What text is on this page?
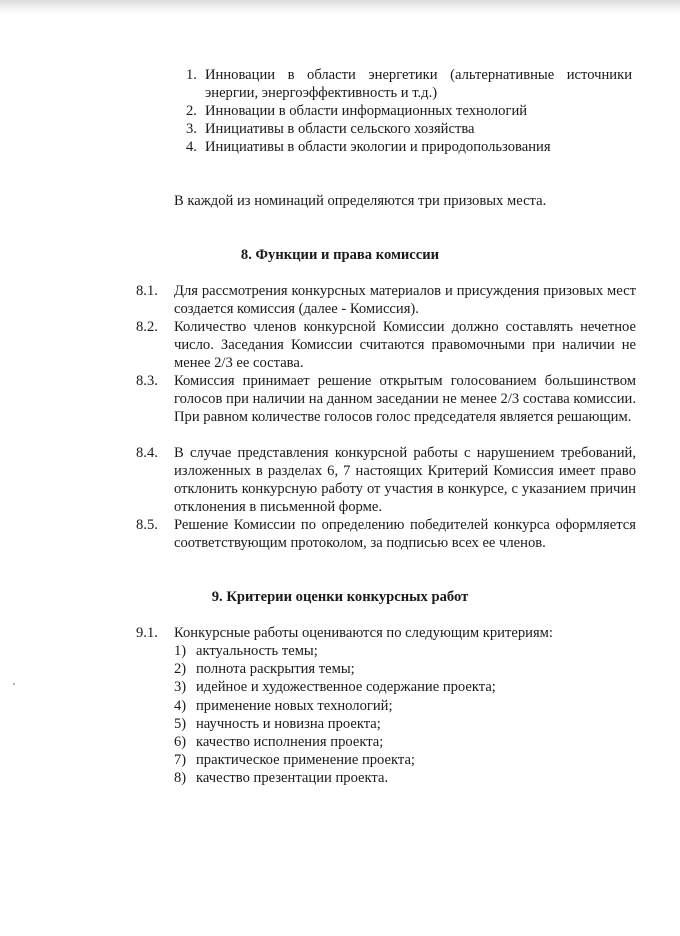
1. Инновации в области энергетики (альтернативные источники энергии, энергоэффективность и т.д.)
2. Инновации в области информационных технологий
3. Инициативы в области сельского хозяйства
4. Инициативы в области экологии и природопользования
В каждой из номинаций определяются три призовых места.
8. Функции и права комиссии
8.1. Для рассмотрения конкурсных материалов и присуждения призовых мест создается комиссия (далее - Комиссия).
8.2. Количество членов конкурсной Комиссии должно составлять нечетное число. Заседания Комиссии считаются правомочными при наличии не менее 2/3 ее состава.
8.3. Комиссия принимает решение открытым голосованием большинством голосов при наличии на данном заседании не менее 2/3 состава комиссии. При равном количестве голосов голос председателя является решающим.
8.4. В случае представления конкурсной работы с нарушением требований, изложенных в разделах 6, 7 настоящих Критерий Комиссия имеет право отклонить конкурсную работу от участия в конкурсе, с указанием причин отклонения в письменной форме.
8.5. Решение Комиссии по определению победителей конкурса оформляется соответствующим протоколом, за подписью всех ее членов.
9. Критерии оценки конкурсных работ
9.1. Конкурсные работы оцениваются по следующим критериям:
1) актуальность темы;
2) полнота раскрытия темы;
3) идейное и художественное содержание проекта;
4) применение новых технологий;
5) научность и новизна проекта;
6) качество исполнения проекта;
7) практическое применение проекта;
8) качество презентации проекта.
